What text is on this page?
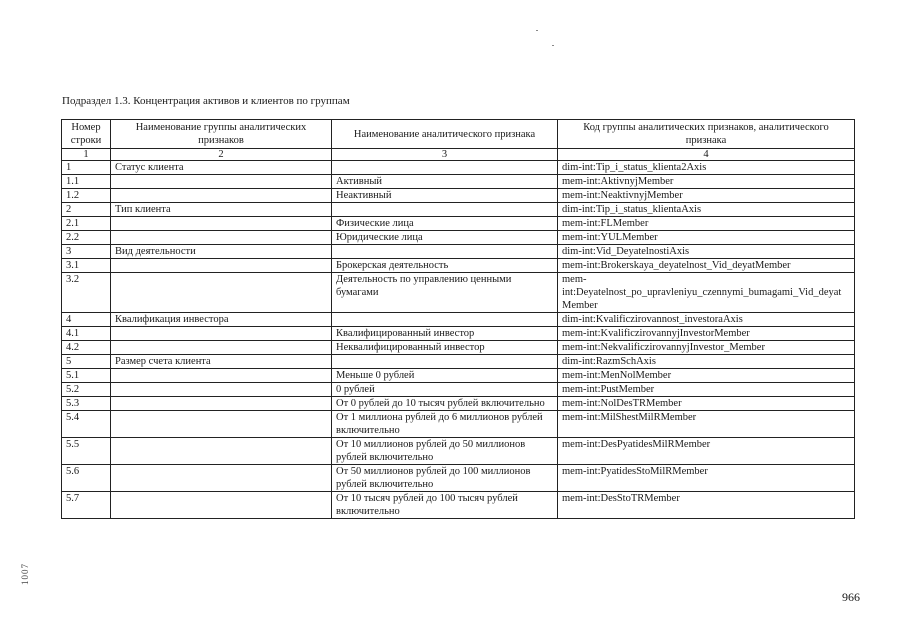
Подраздел 1.3. Концентрация активов и клиентов по группам
Номер строки	Наименование группы аналитических признаков	Наименование аналитического признака	Код группы аналитических признаков, аналитического признака
1	2	3	4
1	Статус клиента		dim-int:Tip_i_status_klienta2Axis
1.1		Активный	mem-int:AktivnyjMember
1.2		Неактивный	mem-int:NeaktivnyjMember
2	Тип клиента		dim-int:Tip_i_status_klientaAxis
2.1		Физические лица	mem-int:FLMember
2.2		Юридические лица	mem-int:YULMember
3	Вид деятельности		dim-int:Vid_DeyatelnostiAxis
3.1		Брокерская деятельность	mem-int:Brokerskaya_deyatelnost_Vid_deyatMember
3.2		Деятельность по управлению ценными бумагами	mem-int:Deyatelnost_po_upravleniyu_czennymi_bumagami_Vid_deyatMember
4	Квалификация инвестора		dim-int:Kvalificzirovannost_investoraAxis
4.1		Квалифицированный инвестор	mem-int:KvalificzirovannyjInvestorMember
4.2		Неквалифицированный инвестор	mem-int:NekvalificzirovannyjInvestor_Member
5	Размер счета клиента		dim-int:RazmSchAxis
5.1		Меньше 0 рублей	mem-int:MenNolMember
5.2		0 рублей	mem-int:PustMember
5.3		От 0 рублей до 10 тысяч рублей включительно	mem-int:NolDesTRMember
5.4		От 1 миллиона рублей до 6 миллионов рублей включительно	mem-int:MilShestMilRMember
5.5		От 10 миллионов рублей до 50 миллионов рублей включительно	mem-int:DesPyatidesMilRMember
5.6		От 50 миллионов рублей до 100 миллионов рублей включительно	mem-int:PyatidesStoMilRMember
5.7		От 10 тысяч рублей до 100 тысяч рублей включительно	mem-int:DesStoTRMember
1007
966
